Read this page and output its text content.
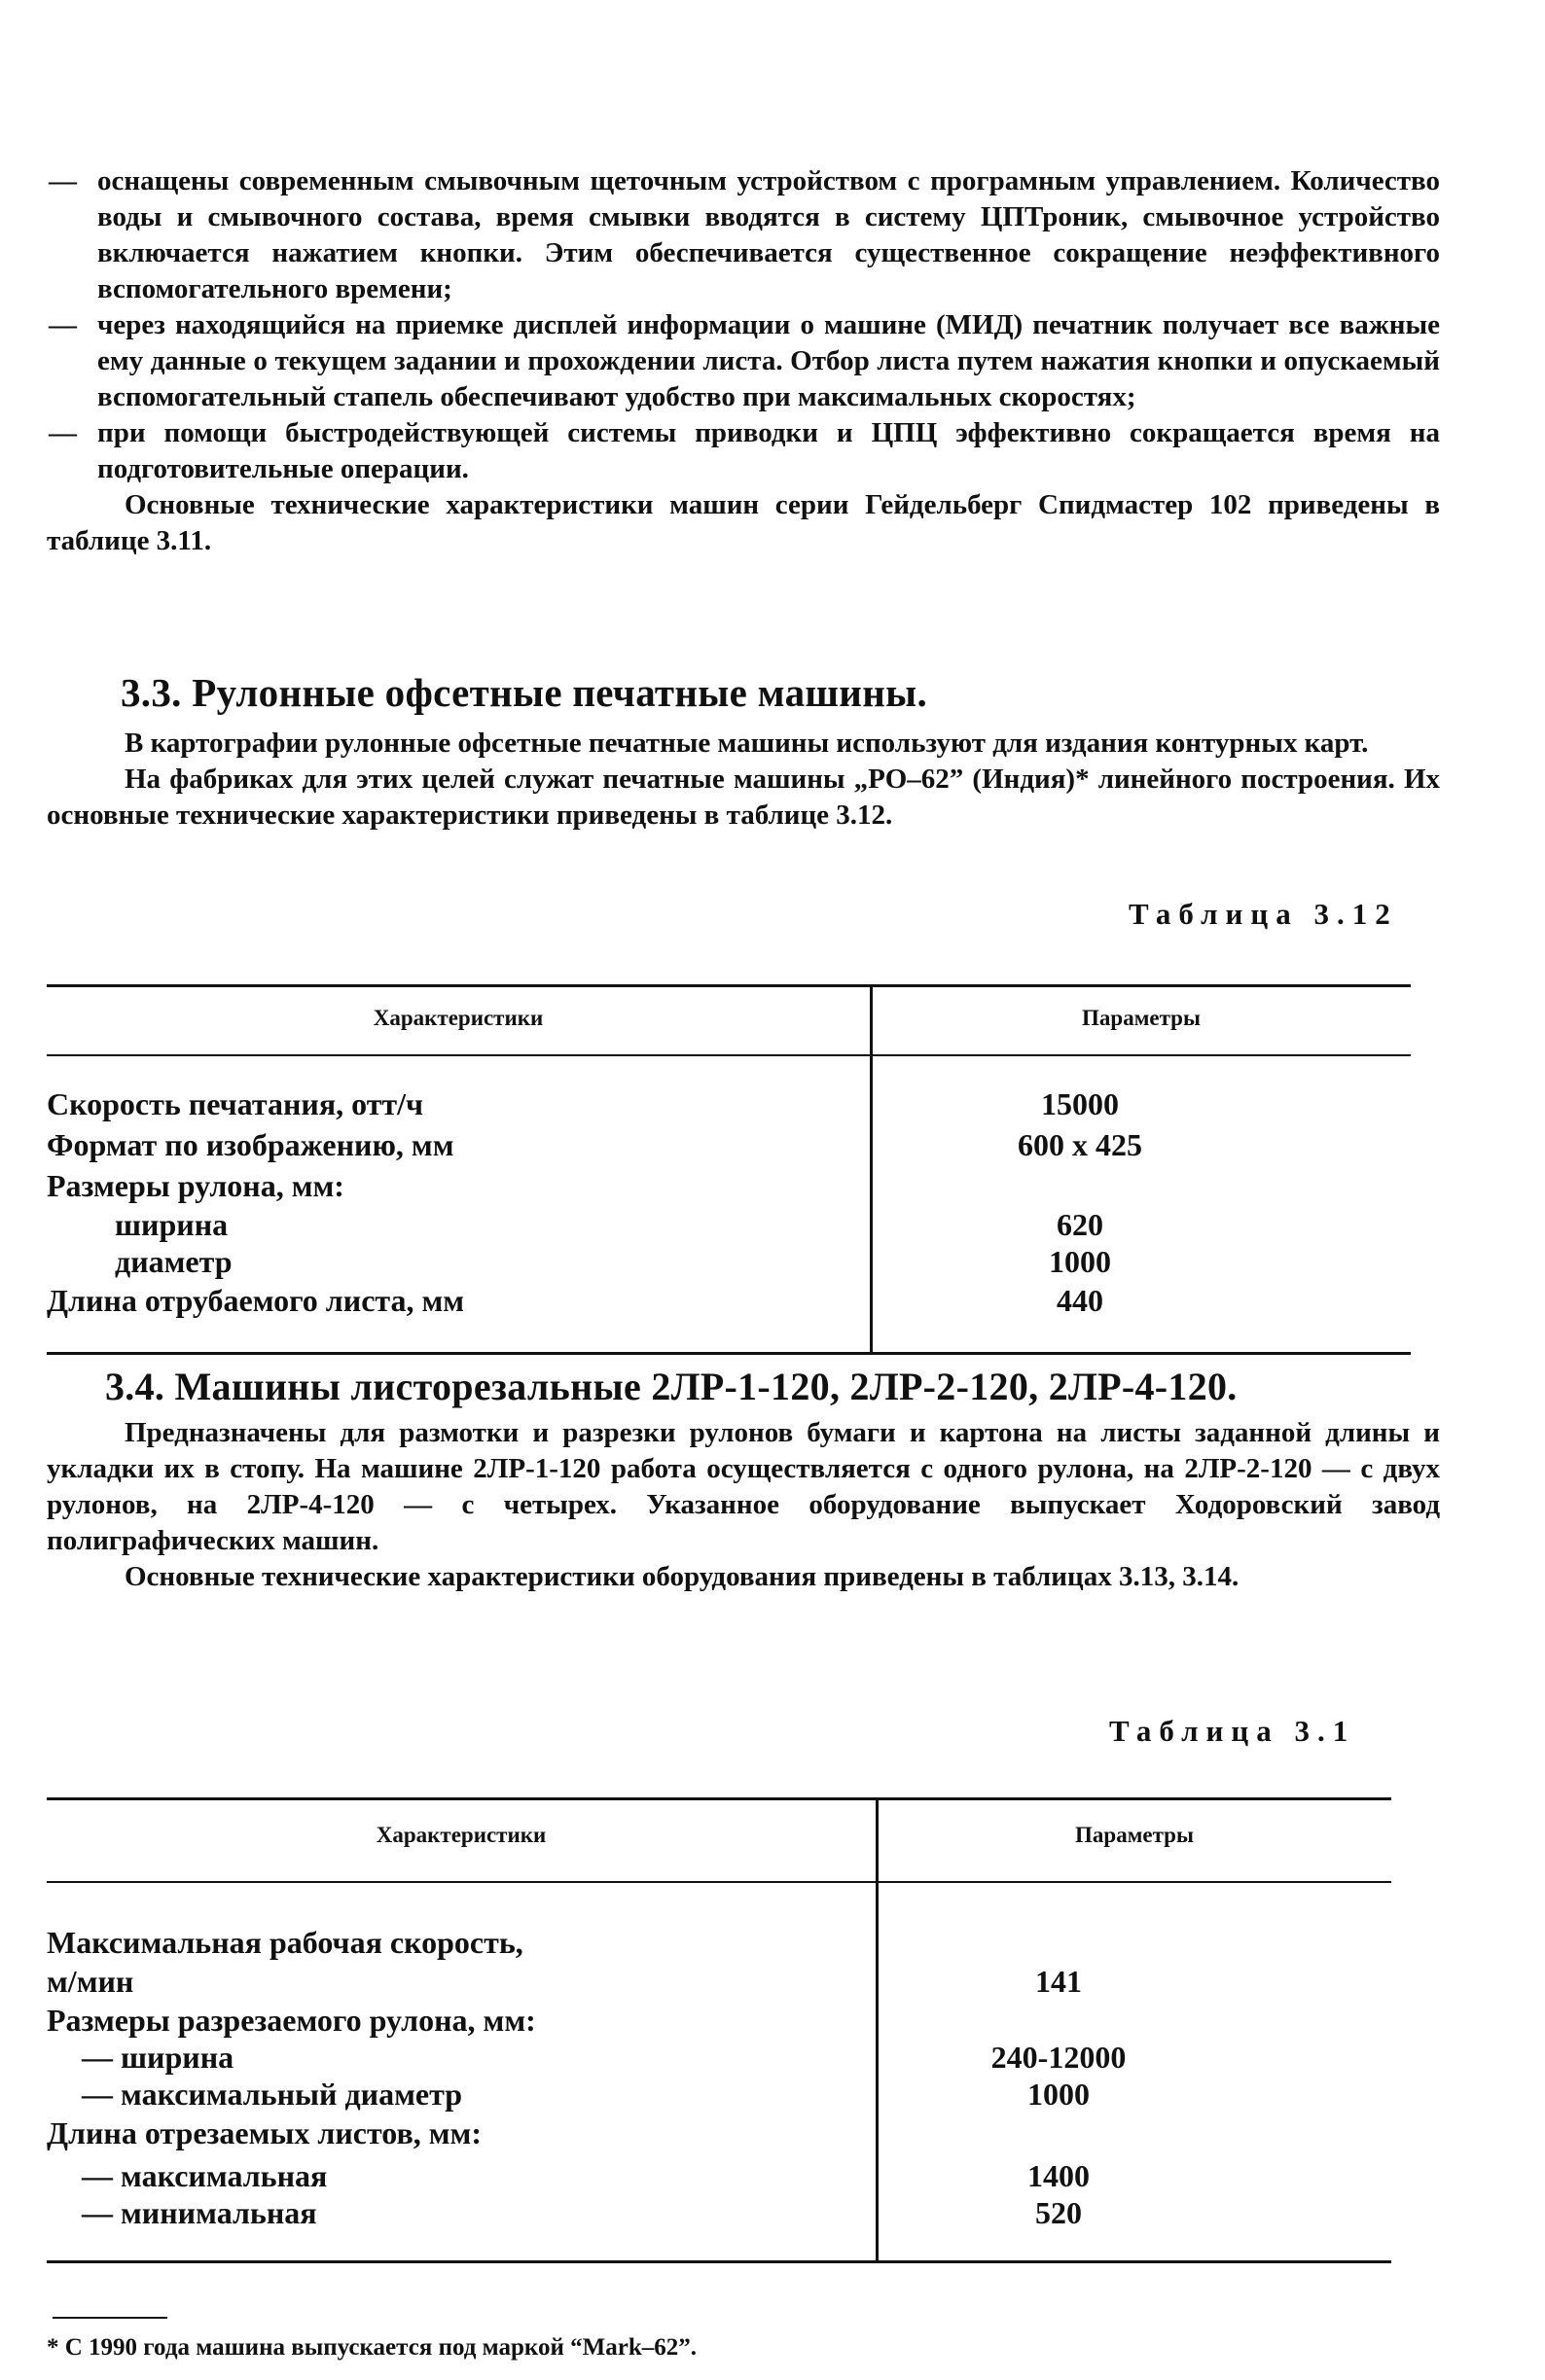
— оснащены современным смывочным щеточным устройством с програмным управлением. Количество воды и смывочного состава, время смывки вводятся в систему ЦПТроник, смывочное устройство включается нажатием кнопки. Этим обеспечивается существенное сокращение неэффективного вспомогательного времени;

— через находящийся на приемке дисплей информации о машине (МИД) печатник получает все важные ему данные о текущем задании и прохождении листа. Отбор листа путем нажатия кнопки и опускаемый вспомогательный стапель обеспечивают удобство при максимальных скоростях;

— при помощи быстродействующей системы приводки и ЦПЦ эффективно сокращается время на подготовительные операции.

Основные технические характеристики машин серии Гейдельберг Спидмастер 102 приведены в таблице 3.11.

3.3. Рулонные офсетные печатные машины.

В картографии рулонные офсетные печатные машины используют для издания контурных карт.

На фабриках для этих целей служат печатные машины „РО–62” (Индия)* линейного построения. Их основные технические характеристики приведены в таблице 3.12.

Таблица 3.12
Характеристики	Параметры
Скорость печатания, отт/ч	15000
Формат по изображению, мм	600 x 425
Размеры рулона, мм:
ширина	620
диаметр	1000
Длина отрубаемого листа, мм	440
3.4. Машины листорезальные 2ЛР-1-120, 2ЛР-2-120, 2ЛР-4-120.

Предназначены для размотки и разрезки рулонов бумаги и картона на листы заданной длины и укладки их в стопу. На машине 2ЛР-1-120 работа осуществляется с одного рулона, на 2ЛР-2-120 — с двух рулонов, на 2ЛР-4-120 — с четырех. Указанное оборудование выпускает Ходоровский завод полиграфических машин.

Основные технические характеристики оборудования приведены в таблицах 3.13, 3.14.

Таблица 3.1
Характеристики	Параметры
Максимальная рабочая скорость,
м/мин	141
Размеры разрезаемого рулона, мм:
— ширина	240-12000
— максимальный диаметр	1000
Длина отрезаемых листов, мм:
— максимальная	1400
— минимальная	520
* С 1990 года машина выпускается под маркой “Mark–62”.
